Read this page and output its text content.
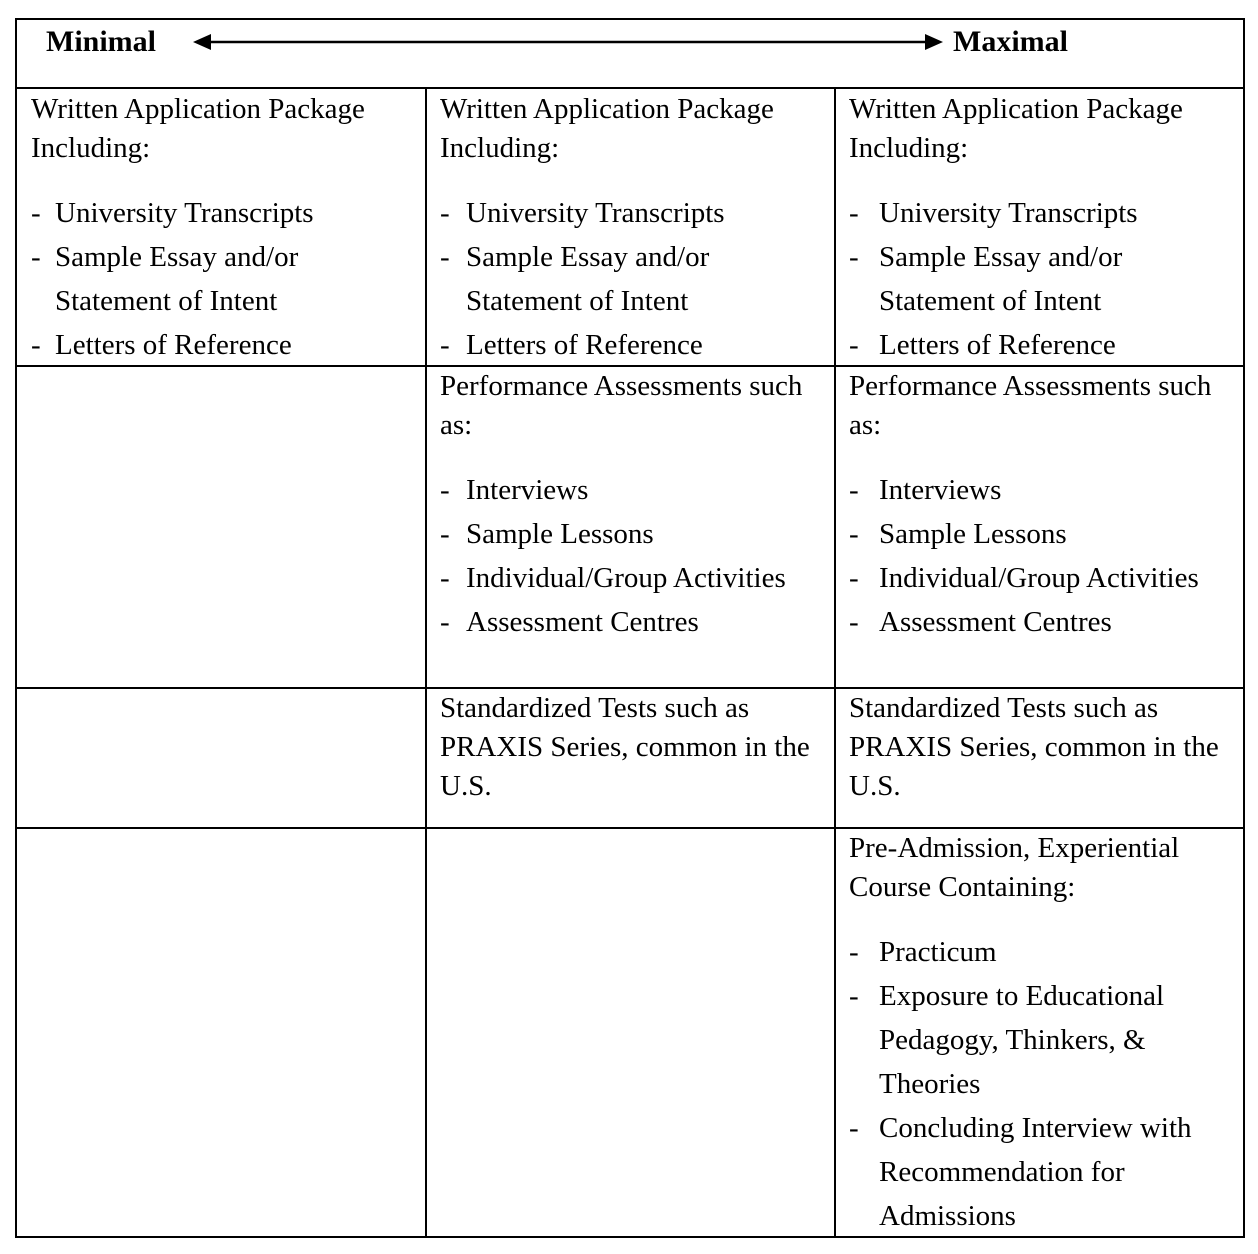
Minimal	Maximal

Written Application Package Including:

- University Transcripts
- Sample Essay and/or Statement of Intent
- Letters of Reference

Written Application Package Including:

- University Transcripts
- Sample Essay and/or Statement of Intent
- Letters of Reference

Performance Assessments such as:

- Interviews
- Sample Lessons
- Individual/Group Activities
- Assessment Centres

Standardized Tests such as PRAXIS Series, common in the U.S.

Written Application Package Including:

- University Transcripts
- Sample Essay and/or Statement of Intent
- Letters of Reference

Performance Assessments such as:

- Interviews
- Sample Lessons
- Individual/Group Activities
- Assessment Centres

Standardized Tests such as PRAXIS Series, common in the U.S.

Pre-Admission, Experiential Course Containing:

- Practicum
- Exposure to Educational Pedagogy, Thinkers, & Theories
- Concluding Interview with Recommendation for Admissions
